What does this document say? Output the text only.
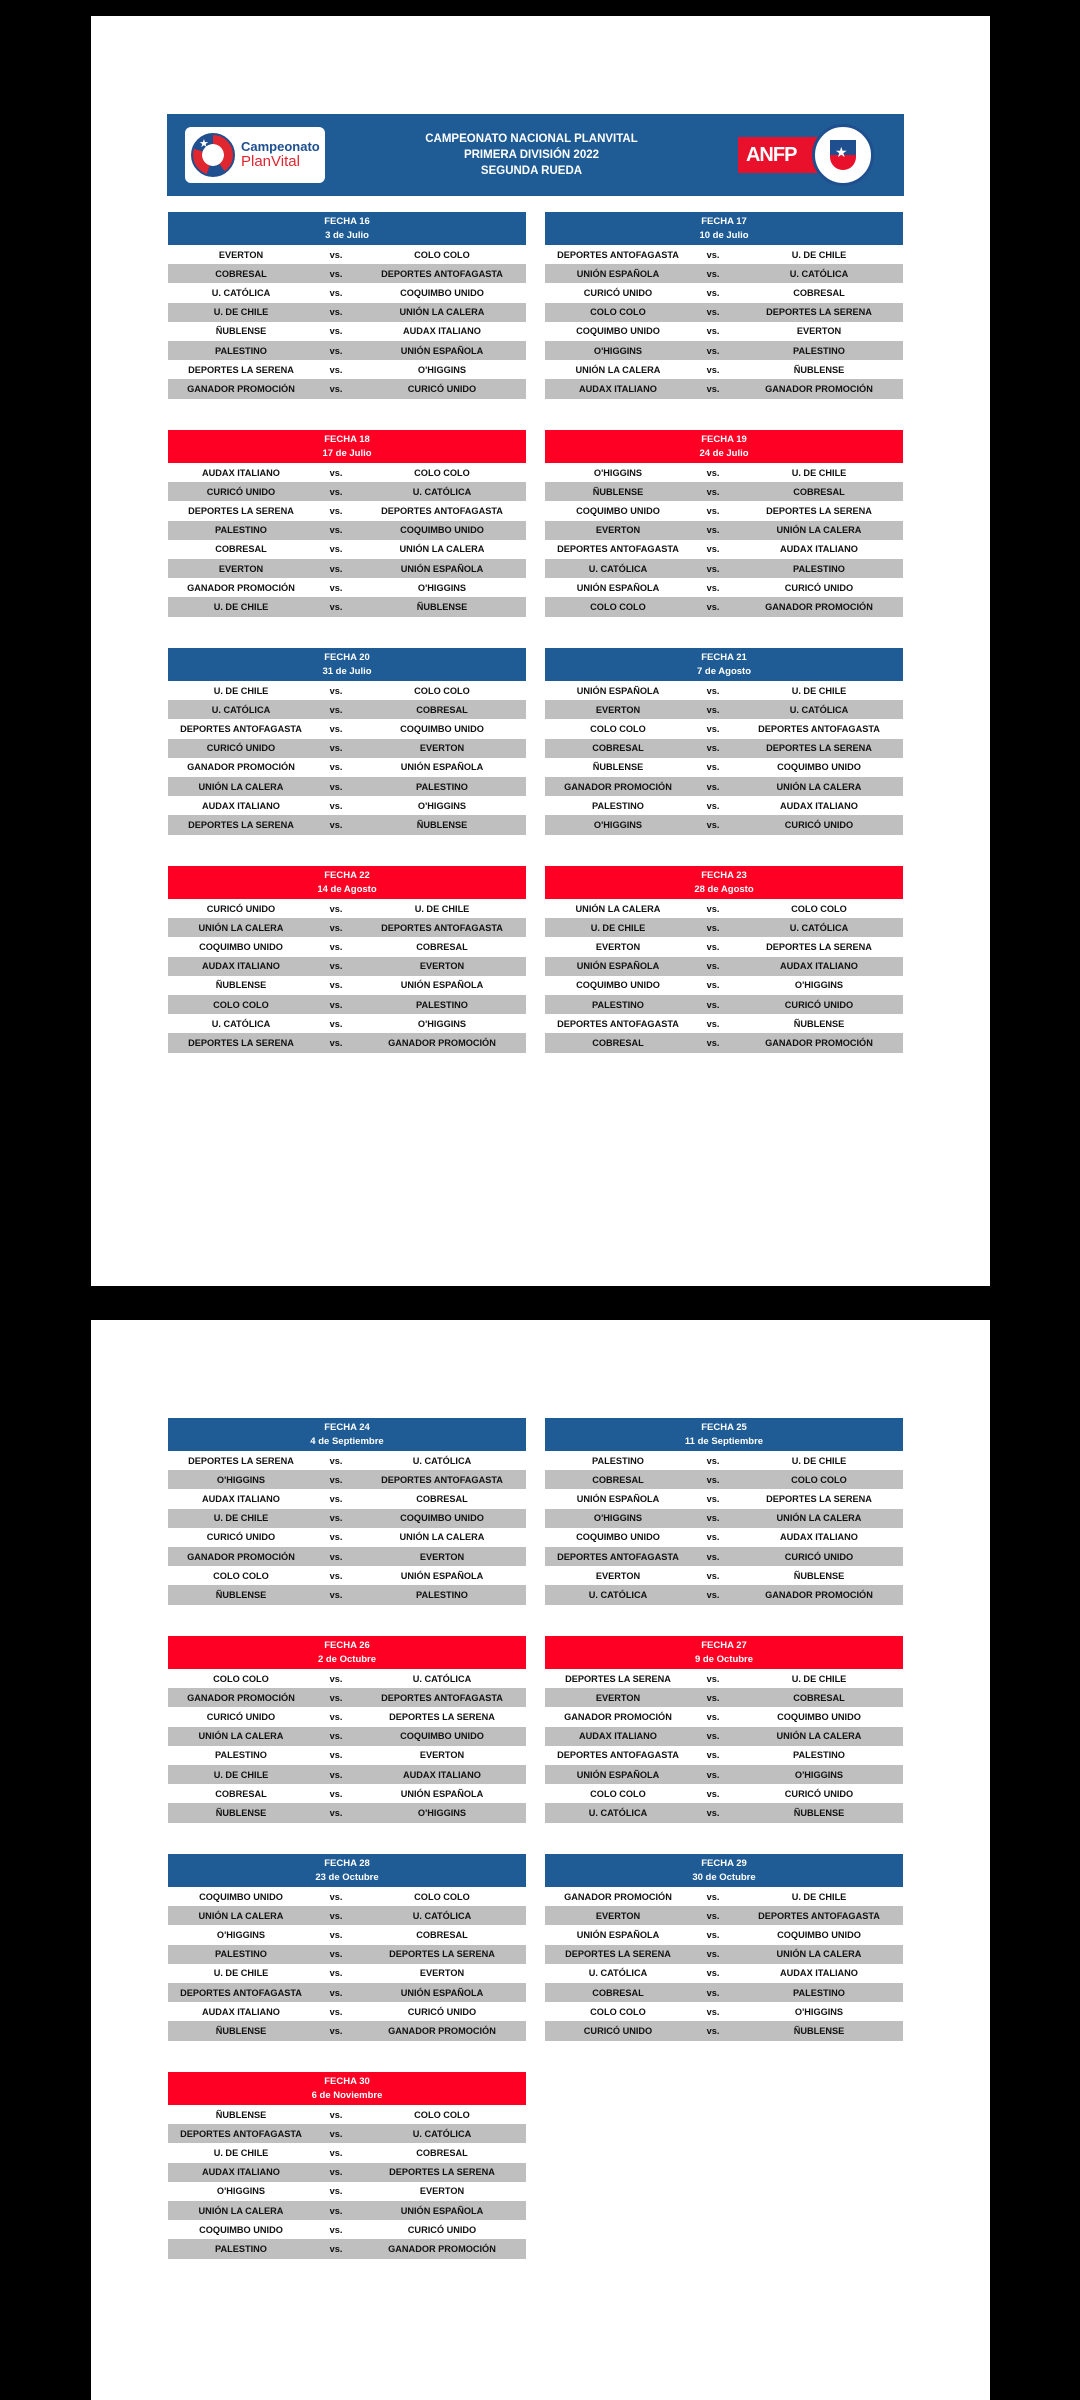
★
Campeonato
PlanVital
CAMPEONATO NACIONAL PLANVITAL
PRIMERA DIVISIÓN 2022
SEGUNDA RUEDA
ANFP
★
FECHA 16
3 de Julio
EVERTON	vs.	COLO COLO
COBRESAL	vs.	DEPORTES ANTOFAGASTA
U. CATÓLICA	vs.	COQUIMBO UNIDO
U. DE CHILE	vs.	UNIÓN LA CALERA
ÑUBLENSE	vs.	AUDAX ITALIANO
PALESTINO	vs.	UNIÓN ESPAÑOLA
DEPORTES LA SERENA	vs.	O'HIGGINS
GANADOR PROMOCIÓN	vs.	CURICÓ UNIDO
FECHA 17
10 de Julio
DEPORTES ANTOFAGASTA	vs.	U. DE CHILE
UNIÓN ESPAÑOLA	vs.	U. CATÓLICA
CURICÓ UNIDO	vs.	COBRESAL
COLO COLO	vs.	DEPORTES LA SERENA
COQUIMBO UNIDO	vs.	EVERTON
O'HIGGINS	vs.	PALESTINO
UNIÓN LA CALERA	vs.	ÑUBLENSE
AUDAX ITALIANO	vs.	GANADOR PROMOCIÓN
FECHA 18
17 de Julio
AUDAX ITALIANO	vs.	COLO COLO
CURICÓ UNIDO	vs.	U. CATÓLICA
DEPORTES LA SERENA	vs.	DEPORTES ANTOFAGASTA
PALESTINO	vs.	COQUIMBO UNIDO
COBRESAL	vs.	UNIÓN LA CALERA
EVERTON	vs.	UNIÓN ESPAÑOLA
GANADOR PROMOCIÓN	vs.	O'HIGGINS
U. DE CHILE	vs.	ÑUBLENSE
FECHA 19
24 de Julio
O'HIGGINS	vs.	U. DE CHILE
ÑUBLENSE	vs.	COBRESAL
COQUIMBO UNIDO	vs.	DEPORTES LA SERENA
EVERTON	vs.	UNIÓN LA CALERA
DEPORTES ANTOFAGASTA	vs.	AUDAX ITALIANO
U. CATÓLICA	vs.	PALESTINO
UNIÓN ESPAÑOLA	vs.	CURICÓ UNIDO
COLO COLO	vs.	GANADOR PROMOCIÓN
FECHA 20
31 de Julio
U. DE CHILE	vs.	COLO COLO
U. CATÓLICA	vs.	COBRESAL
DEPORTES ANTOFAGASTA	vs.	COQUIMBO UNIDO
CURICÓ UNIDO	vs.	EVERTON
GANADOR PROMOCIÓN	vs.	UNIÓN ESPAÑOLA
UNIÓN LA CALERA	vs.	PALESTINO
AUDAX ITALIANO	vs.	O'HIGGINS
DEPORTES LA SERENA	vs.	ÑUBLENSE
FECHA 21
7 de Agosto
UNIÓN ESPAÑOLA	vs.	U. DE CHILE
EVERTON	vs.	U. CATÓLICA
COLO COLO	vs.	DEPORTES ANTOFAGASTA
COBRESAL	vs.	DEPORTES LA SERENA
ÑUBLENSE	vs.	COQUIMBO UNIDO
GANADOR PROMOCIÓN	vs.	UNIÓN LA CALERA
PALESTINO	vs.	AUDAX ITALIANO
O'HIGGINS	vs.	CURICÓ UNIDO
FECHA 22
14 de Agosto
CURICÓ UNIDO	vs.	U. DE CHILE
UNIÓN LA CALERA	vs.	DEPORTES ANTOFAGASTA
COQUIMBO UNIDO	vs.	COBRESAL
AUDAX ITALIANO	vs.	EVERTON
ÑUBLENSE	vs.	UNIÓN ESPAÑOLA
COLO COLO	vs.	PALESTINO
U. CATÓLICA	vs.	O'HIGGINS
DEPORTES LA SERENA	vs.	GANADOR PROMOCIÓN
FECHA 23
28 de Agosto
UNIÓN LA CALERA	vs.	COLO COLO
U. DE CHILE	vs.	U. CATÓLICA
EVERTON	vs.	DEPORTES LA SERENA
UNIÓN ESPAÑOLA	vs.	AUDAX ITALIANO
COQUIMBO UNIDO	vs.	O'HIGGINS
PALESTINO	vs.	CURICÓ UNIDO
DEPORTES ANTOFAGASTA	vs.	ÑUBLENSE
COBRESAL	vs.	GANADOR PROMOCIÓN
FECHA 24
4 de Septiembre
DEPORTES LA SERENA	vs.	U. CATÓLICA
O'HIGGINS	vs.	DEPORTES ANTOFAGASTA
AUDAX ITALIANO	vs.	COBRESAL
U. DE CHILE	vs.	COQUIMBO UNIDO
CURICÓ UNIDO	vs.	UNIÓN LA CALERA
GANADOR PROMOCIÓN	vs.	EVERTON
COLO COLO	vs.	UNIÓN ESPAÑOLA
ÑUBLENSE	vs.	PALESTINO
FECHA 25
11 de Septiembre
PALESTINO	vs.	U. DE CHILE
COBRESAL	vs.	COLO COLO
UNIÓN ESPAÑOLA	vs.	DEPORTES LA SERENA
O'HIGGINS	vs.	UNIÓN LA CALERA
COQUIMBO UNIDO	vs.	AUDAX ITALIANO
DEPORTES ANTOFAGASTA	vs.	CURICÓ UNIDO
EVERTON	vs.	ÑUBLENSE
U. CATÓLICA	vs.	GANADOR PROMOCIÓN
FECHA 26
2 de Octubre
COLO COLO	vs.	U. CATÓLICA
GANADOR PROMOCIÓN	vs.	DEPORTES ANTOFAGASTA
CURICÓ UNIDO	vs.	DEPORTES LA SERENA
UNIÓN LA CALERA	vs.	COQUIMBO UNIDO
PALESTINO	vs.	EVERTON
U. DE CHILE	vs.	AUDAX ITALIANO
COBRESAL	vs.	UNIÓN ESPAÑOLA
ÑUBLENSE	vs.	O'HIGGINS
FECHA 27
9 de Octubre
DEPORTES LA SERENA	vs.	U. DE CHILE
EVERTON	vs.	COBRESAL
GANADOR PROMOCIÓN	vs.	COQUIMBO UNIDO
AUDAX ITALIANO	vs.	UNIÓN LA CALERA
DEPORTES ANTOFAGASTA	vs.	PALESTINO
UNIÓN ESPAÑOLA	vs.	O'HIGGINS
COLO COLO	vs.	CURICÓ UNIDO
U. CATÓLICA	vs.	ÑUBLENSE
FECHA 28
23 de Octubre
COQUIMBO UNIDO	vs.	COLO COLO
UNIÓN LA CALERA	vs.	U. CATÓLICA
O'HIGGINS	vs.	COBRESAL
PALESTINO	vs.	DEPORTES LA SERENA
U. DE CHILE	vs.	EVERTON
DEPORTES ANTOFAGASTA	vs.	UNIÓN ESPAÑOLA
AUDAX ITALIANO	vs.	CURICÓ UNIDO
ÑUBLENSE	vs.	GANADOR PROMOCIÓN
FECHA 29
30 de Octubre
GANADOR PROMOCIÓN	vs.	U. DE CHILE
EVERTON	vs.	DEPORTES ANTOFAGASTA
UNIÓN ESPAÑOLA	vs.	COQUIMBO UNIDO
DEPORTES LA SERENA	vs.	UNIÓN LA CALERA
U. CATÓLICA	vs.	AUDAX ITALIANO
COBRESAL	vs.	PALESTINO
COLO COLO	vs.	O'HIGGINS
CURICÓ UNIDO	vs.	ÑUBLENSE
FECHA 30
6 de Noviembre
ÑUBLENSE	vs.	COLO COLO
DEPORTES ANTOFAGASTA	vs.	U. CATÓLICA
U. DE CHILE	vs.	COBRESAL
AUDAX ITALIANO	vs.	DEPORTES LA SERENA
O'HIGGINS	vs.	EVERTON
UNIÓN LA CALERA	vs.	UNIÓN ESPAÑOLA
COQUIMBO UNIDO	vs.	CURICÓ UNIDO
PALESTINO	vs.	GANADOR PROMOCIÓN
